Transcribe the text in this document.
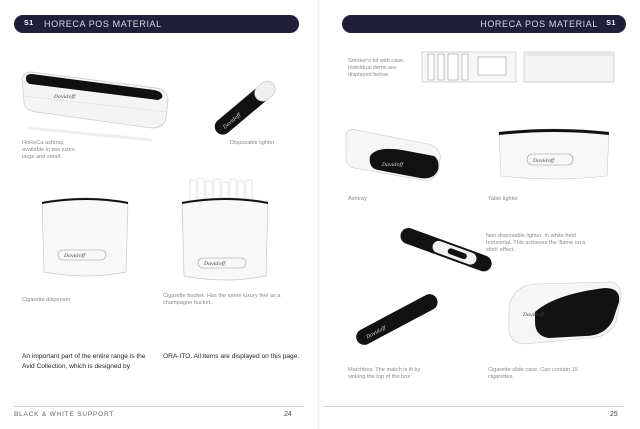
S1 HORECA POS MATERIAL
Davidoff
HoReCa ashtray, available in two sizes: large and small.
Davidoff
Disposable lighter
Davidoff
Cigarette dispenser
Davidoff
Cigarette bucket. Has the same luxury feel as a champagne bucket.
An important part of the entire range is the Avid Collection, which is designed by
ORA-ITO. All items are displayed on this page.
BLACK & WHITE SUPPORT	24
HORECA POS MATERIAL S1
Smoker's kit with case. Individual items are displayed below.
Davidoff
Ashtray
Davidoff
Table lighter
Non-disposable lighter. In white held horizontal. This achieves the 'flame on a stick' effect.
Davidoff
Matchbox. The match is lit by sinking the top of the box.
Davidoff
Cigarette slide case. Can contain 15 cigarettes.
25
